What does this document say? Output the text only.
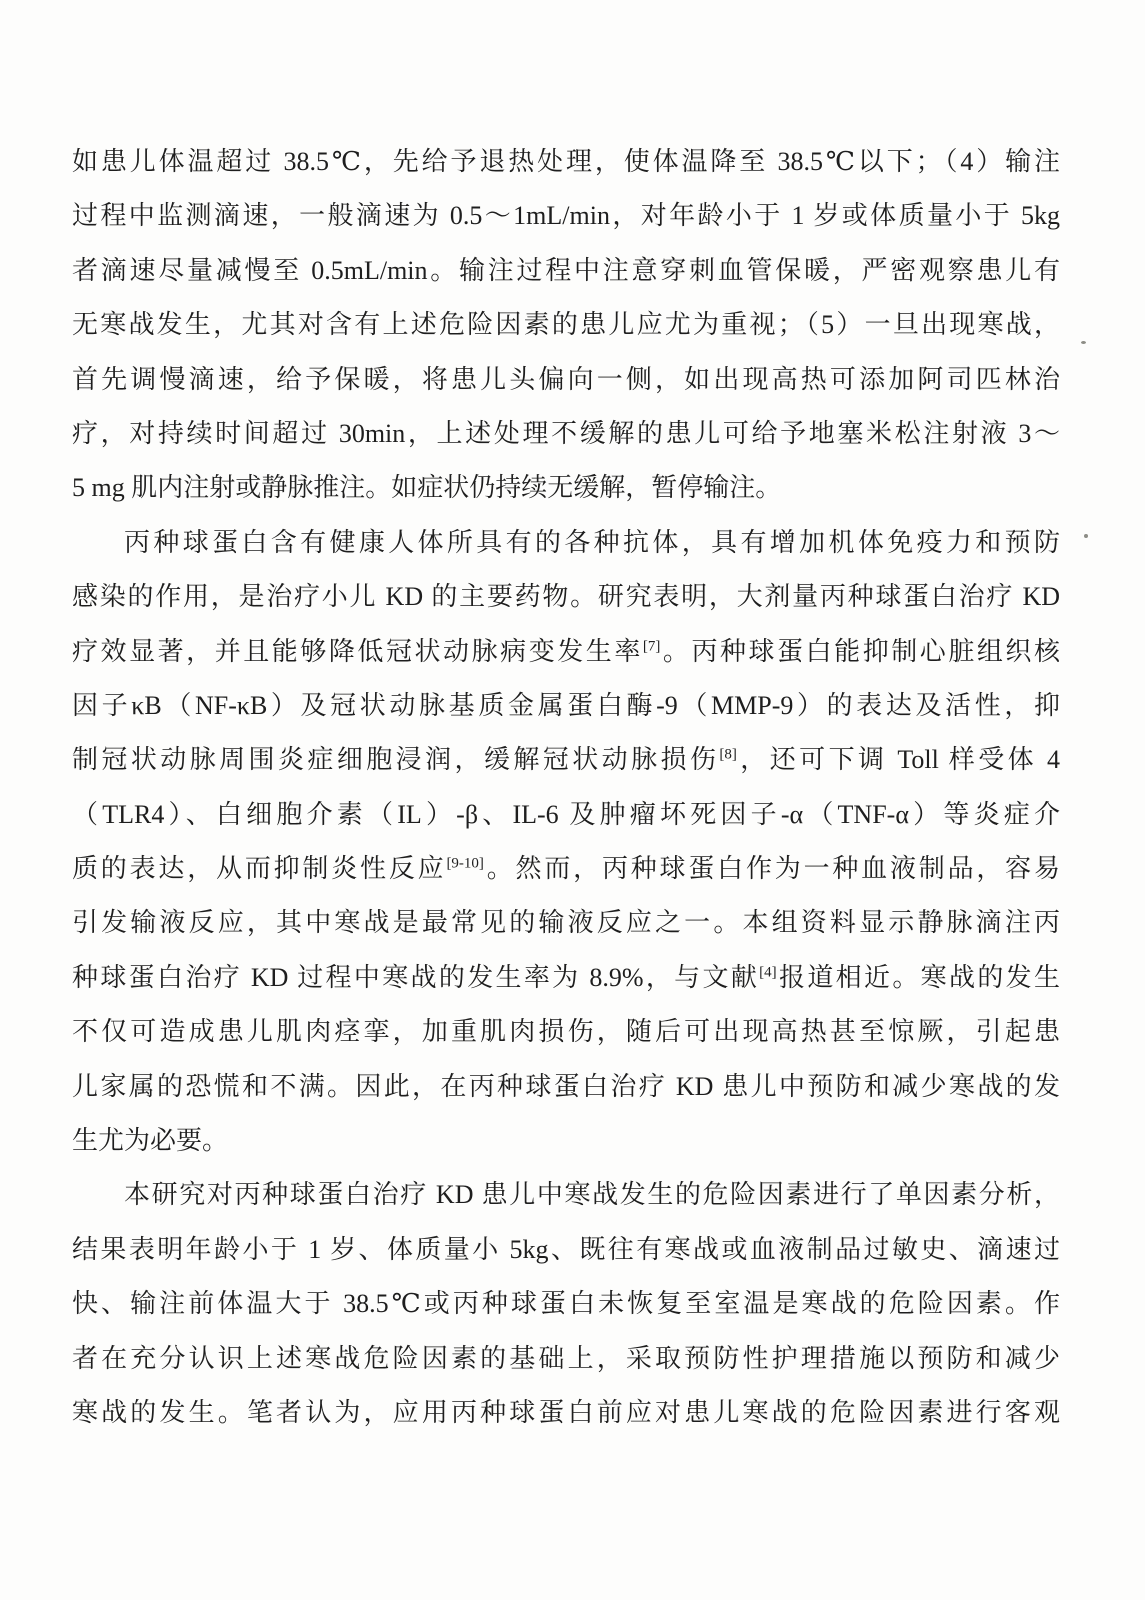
如患儿体温超过 38.5℃，先给予退热处理，使体温降至 38.5℃以下；（4）输注

过程中监测滴速，一般滴速为 0.5～1mL/min，对年龄小于 1 岁或体质量小于 5kg

者滴速尽量减慢至 0.5mL/min。输注过程中注意穿刺血管保暖，严密观察患儿有

无寒战发生，尤其对含有上述危险因素的患儿应尤为重视；（5）一旦出现寒战，

首先调慢滴速，给予保暖，将患儿头偏向一侧，如出现高热可添加阿司匹林治

疗，对持续时间超过 30min，上述处理不缓解的患儿可给予地塞米松注射液 3～

5 mg 肌内注射或静脉推注。如症状仍持续无缓解，暂停输注。

丙种球蛋白含有健康人体所具有的各种抗体，具有增加机体免疫力和预防

感染的作用，是治疗小儿 KD 的主要药物。研究表明，大剂量丙种球蛋白治疗 KD

疗效显著，并且能够降低冠状动脉病变发生率[7]。丙种球蛋白能抑制心脏组织核

因子κB（NF-κB）及冠状动脉基质金属蛋白酶-9（MMP-9）的表达及活性，抑

制冠状动脉周围炎症细胞浸润，缓解冠状动脉损伤[8]，还可下调 Toll 样受体 4

（TLR4）、白细胞介素（IL）-β、IL-6 及肿瘤坏死因子-α（TNF-α）等炎症介

质的表达，从而抑制炎性反应[9-10]。然而，丙种球蛋白作为一种血液制品，容易

引发输液反应，其中寒战是最常见的输液反应之一。本组资料显示静脉滴注丙

种球蛋白治疗 KD 过程中寒战的发生率为 8.9%，与文献[4]报道相近。寒战的发生

不仅可造成患儿肌肉痉挛，加重肌肉损伤，随后可出现高热甚至惊厥，引起患

儿家属的恐慌和不满。因此，在丙种球蛋白治疗 KD 患儿中预防和减少寒战的发

生尤为必要。

本研究对丙种球蛋白治疗 KD 患儿中寒战发生的危险因素进行了单因素分析，

结果表明年龄小于 1 岁、体质量小 5kg、既往有寒战或血液制品过敏史、滴速过

快、输注前体温大于 38.5℃或丙种球蛋白未恢复至室温是寒战的危险因素。作

者在充分认识上述寒战危险因素的基础上，采取预防性护理措施以预防和减少

寒战的发生。笔者认为，应用丙种球蛋白前应对患儿寒战的危险因素进行客观
